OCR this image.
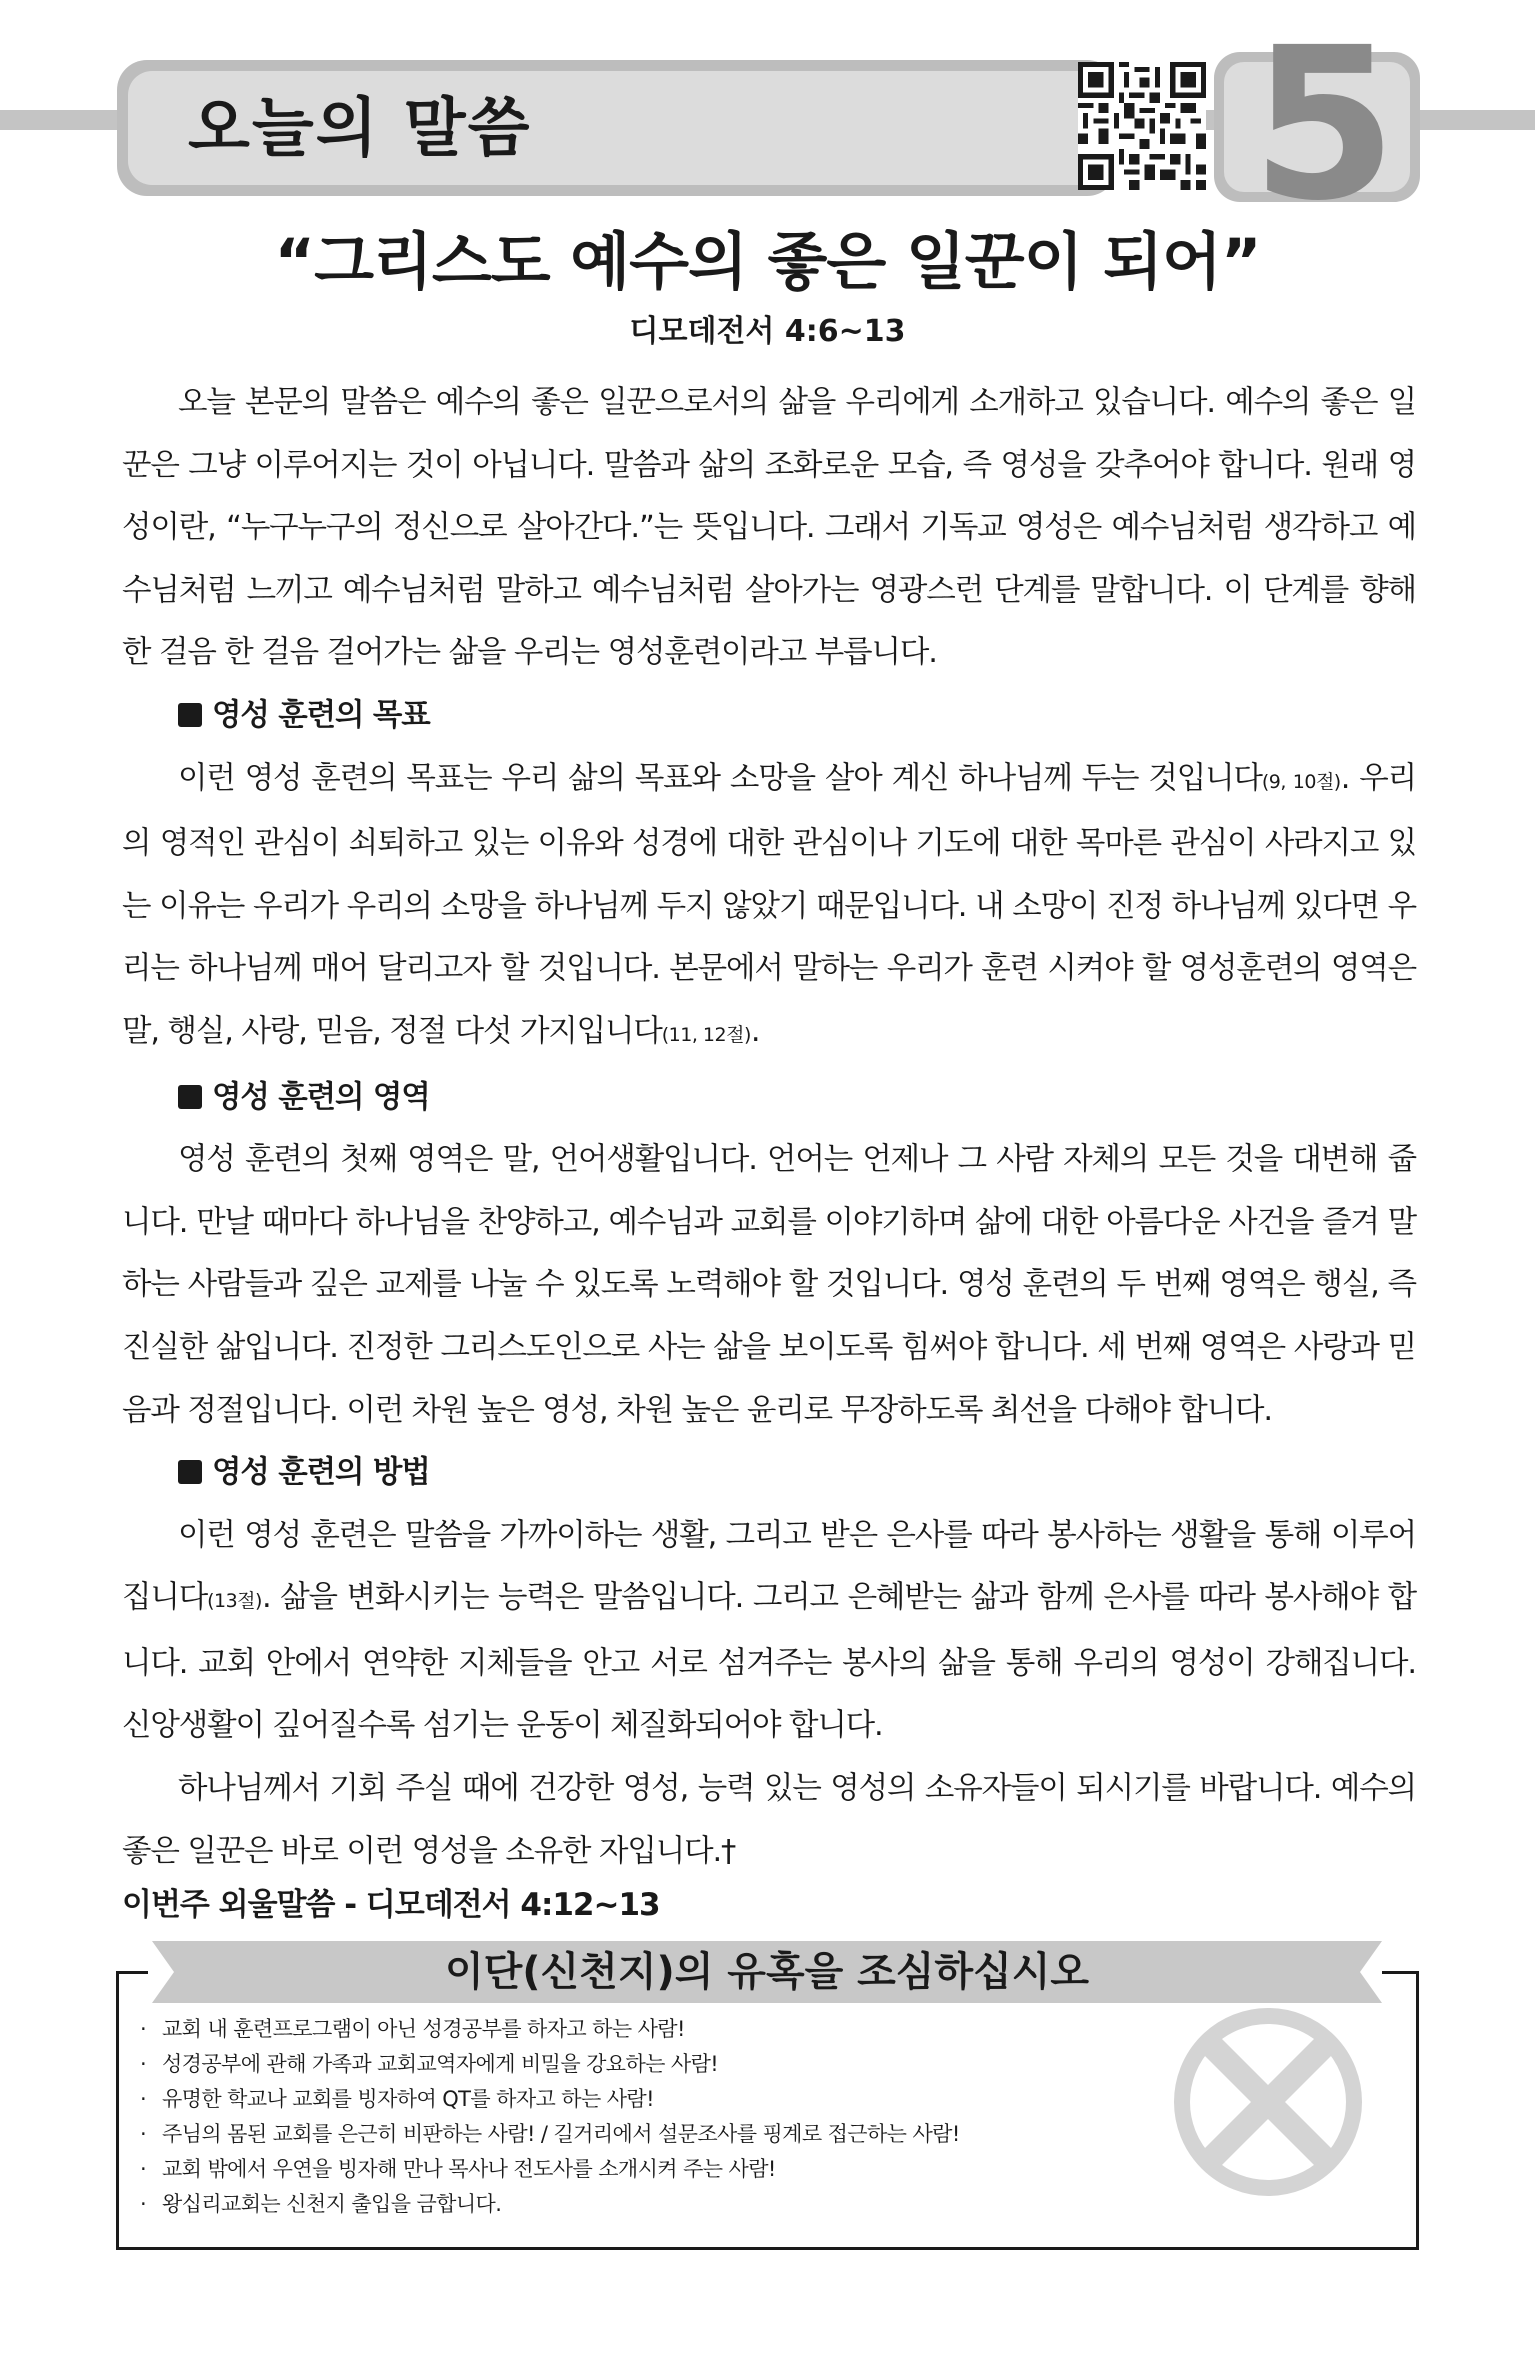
오늘의 말씀	5
“그리스도 예수의 좋은 일꾼이 되어”
디모데전서 4:6~13

오늘 본문의 말씀은 예수의 좋은 일꾼으로서의 삶을 우리에게 소개하고 있습니다. 예수의 좋은 일꾼은 그냥 이루어지는 것이 아닙니다. 말씀과 삶의 조화로운 모습, 즉 영성을 갖추어야 합니다. 원래 영성이란, “누구누구의 정신으로 살아간다.”는 뜻입니다. 그래서 기독교 영성은 예수님처럼 생각하고 예수님처럼 느끼고 예수님처럼 말하고 예수님처럼 살아가는 영광스런 단계를 말합니다. 이 단계를 향해 한 걸음 한 걸음 걸어가는 삶을 우리는 영성훈련이라고 부릅니다.

영성 훈련의 목표

이런 영성 훈련의 목표는 우리 삶의 목표와 소망을 살아 계신 하나님께 두는 것입니다(9, 10절). 우리의 영적인 관심이 쇠퇴하고 있는 이유와 성경에 대한 관심이나 기도에 대한 목마른 관심이 사라지고 있는 이유는 우리가 우리의 소망을 하나님께 두지 않았기 때문입니다. 내 소망이 진정 하나님께 있다면 우리는 하나님께 매어 달리고자 할 것입니다. 본문에서 말하는 우리가 훈련 시켜야 할 영성훈련의 영역은 말, 행실, 사랑, 믿음, 정절 다섯 가지입니다(11, 12절).

영성 훈련의 영역

영성 훈련의 첫째 영역은 말, 언어생활입니다. 언어는 언제나 그 사람 자체의 모든 것을 대변해 줍니다. 만날 때마다 하나님을 찬양하고, 예수님과 교회를 이야기하며 삶에 대한 아름다운 사건을 즐겨 말하는 사람들과 깊은 교제를 나눌 수 있도록 노력해야 할 것입니다. 영성 훈련의 두 번째 영역은 행실, 즉 진실한 삶입니다. 진정한 그리스도인으로 사는 삶을 보이도록 힘써야 합니다. 세 번째 영역은 사랑과 믿음과 정절입니다. 이런 차원 높은 영성, 차원 높은 윤리로 무장하도록 최선을 다해야 합니다.

영성 훈련의 방법

이런 영성 훈련은 말씀을 가까이하는 생활, 그리고 받은 은사를 따라 봉사하는 생활을 통해 이루어집니다(13절). 삶을 변화시키는 능력은 말씀입니다. 그리고 은혜받는 삶과 함께 은사를 따라 봉사해야 합니다. 교회 안에서 연약한 지체들을 안고 서로 섬겨주는 봉사의 삶을 통해 우리의 영성이 강해집니다. 신앙생활이 깊어질수록 섬기는 운동이 체질화되어야 합니다.

하나님께서 기회 주실 때에 건강한 영성, 능력 있는 영성의 소유자들이 되시기를 바랍니다. 예수의 좋은 일꾼은 바로 이런 영성을 소유한 자입니다.†

이번주 외울말씀 - 디모데전서 4:12~13
이단(신천지)의 유혹을 조심하십시오
· 교회 내 훈련프로그램이 아닌 성경공부를 하자고 하는 사람!
· 성경공부에 관해 가족과 교회교역자에게 비밀을 강요하는 사람!
· 유명한 학교나 교회를 빙자하여 QT를 하자고 하는 사람!
· 주님의 몸된 교회를 은근히 비판하는 사람! / 길거리에서 설문조사를 핑계로 접근하는 사람!
· 교회 밖에서 우연을 빙자해 만나 목사나 전도사를 소개시켜 주는 사람!
· 왕십리교회는 신천지 출입을 금합니다.
